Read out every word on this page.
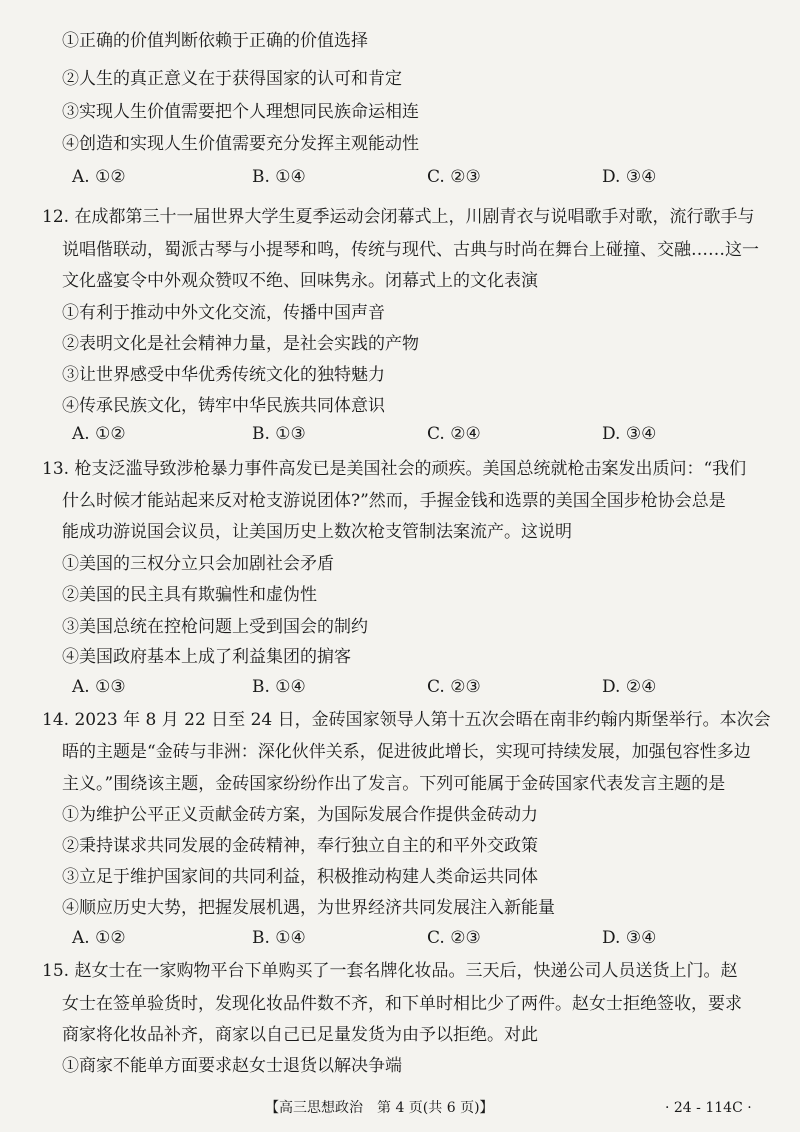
①正确的价值判断依赖于正确的价值选择
②人生的真正意义在于获得国家的认可和肯定
③实现人生价值需要把个人理想同民族命运相连
④创造和实现人生价值需要充分发挥主观能动性
A. ①②	B. ①④	C. ②③	D. ③④
12. 在成都第三十一届世界大学生夏季运动会闭幕式上，川剧青衣与说唱歌手对歌，流行歌手与
说唱偕联动，蜀派古琴与小提琴和鸣，传统与现代、古典与时尚在舞台上碰撞、交融……这一
文化盛宴令中外观众赞叹不绝、回味隽永。闭幕式上的文化表演
①有利于推动中外文化交流，传播中国声音
②表明文化是社会精神力量，是社会实践的产物
③让世界感受中华优秀传统文化的独特魅力
④传承民族文化，铸牢中华民族共同体意识
A. ①②	B. ①③	C. ②④	D. ③④
13. 枪支泛滥导致涉枪暴力事件高发已是美国社会的顽疾。美国总统就枪击案发出质问：“我们
什么时候才能站起来反对枪支游说团体?”然而，手握金钱和选票的美国全国步枪协会总是
能成功游说国会议员，让美国历史上数次枪支管制法案流产。这说明
①美国的三权分立只会加剧社会矛盾
②美国的民主具有欺骗性和虚伪性
③美国总统在控枪问题上受到国会的制约
④美国政府基本上成了利益集团的掮客
A. ①③	B. ①④	C. ②③	D. ②④
14. 2023 年 8 月 22 日至 24 日，金砖国家领导人第十五次会晤在南非约翰内斯堡举行。本次会
晤的主题是“金砖与非洲：深化伙伴关系，促进彼此增长，实现可持续发展，加强包容性多边
主义。”围绕该主题，金砖国家纷纷作出了发言。下列可能属于金砖国家代表发言主题的是
①为维护公平正义贡献金砖方案，为国际发展合作提供金砖动力
②秉持谋求共同发展的金砖精神，奉行独立自主的和平外交政策
③立足于维护国家间的共同利益，积极推动构建人类命运共同体
④顺应历史大势，把握发展机遇，为世界经济共同发展注入新能量
A. ①②	B. ①④	C. ②③	D. ③④
15. 赵女士在一家购物平台下单购买了一套名牌化妆品。三天后，快递公司人员送货上门。赵
女士在签单验货时，发现化妆品件数不齐，和下单时相比少了两件。赵女士拒绝签收，要求
商家将化妆品补齐，商家以自己已足量发货为由予以拒绝。对此
①商家不能单方面要求赵女士退货以解决争端
【高三思想政治　第 4 页(共 6 页)】	· 24 - 114C ·
